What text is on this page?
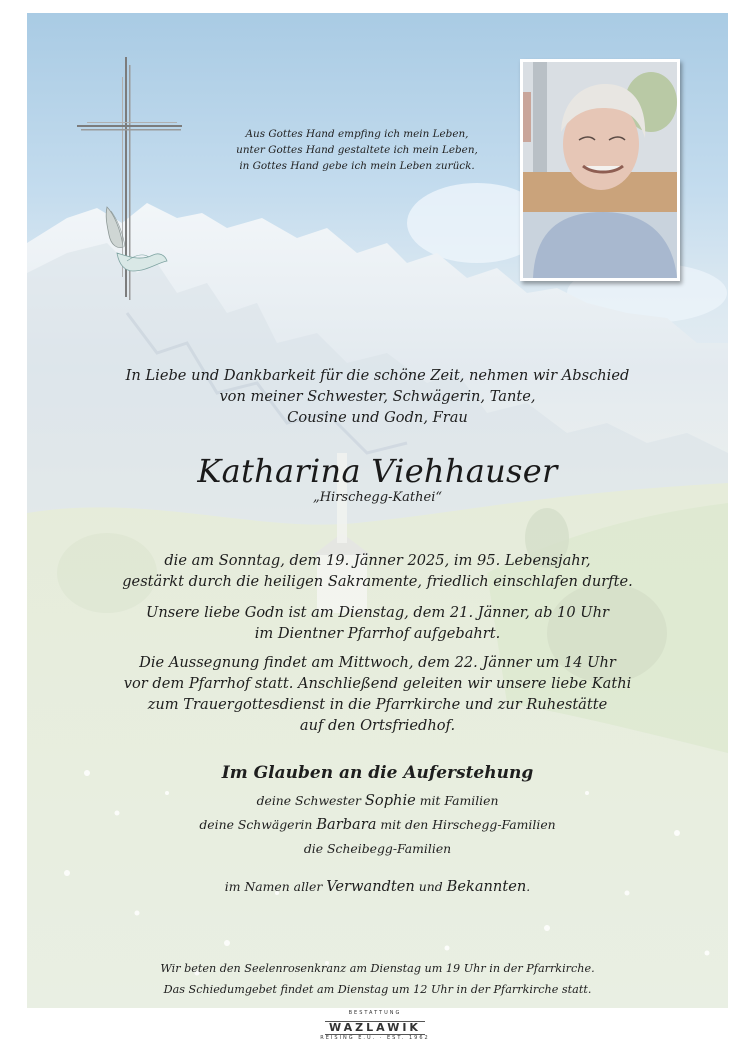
Aus Gottes Hand empfing ich mein Leben,
unter Gottes Hand gestaltete ich mein Leben,
in Gottes Hand gebe ich mein Leben zurück.
In Liebe und Dankbarkeit für die schöne Zeit, nehmen wir Abschied
von meiner Schwester, Schwägerin, Tante,
Cousine und Godn, Frau
Katharina Viehhauser
„Hirschegg-Kathei“
die am Sonntag, dem 19. Jänner 2025, im 95. Lebensjahr,
gestärkt durch die heiligen Sakramente, friedlich einschlafen durfte.
Unsere liebe Godn ist am Dienstag, dem 21. Jänner, ab 10 Uhr
im Dientner Pfarrhof aufgebahrt.
Die Aussegnung findet am Mittwoch, dem 22. Jänner um 14 Uhr
vor dem Pfarrhof statt. Anschließend geleiten wir unsere liebe Kathi
zum Trauergottesdienst in die Pfarrkirche und zur Ruhestätte
auf den Ortsfriedhof.
Im Glauben an die Auferstehung
deine Schwester Sophie mit Familien
deine Schwägerin Barbara mit den Hirschegg-Familien
die Scheibegg-Familien
im Namen aller Verwandten und Bekannten.
Wir beten den Seelenrosenkranz am Dienstag um 19 Uhr in der Pfarrkirche.
Das Schiedumgebet findet am Dienstag um 12 Uhr in der Pfarrkirche statt.
BESTATTUNG
WAZLAWIK
REISING E.U. · EST. 1962
